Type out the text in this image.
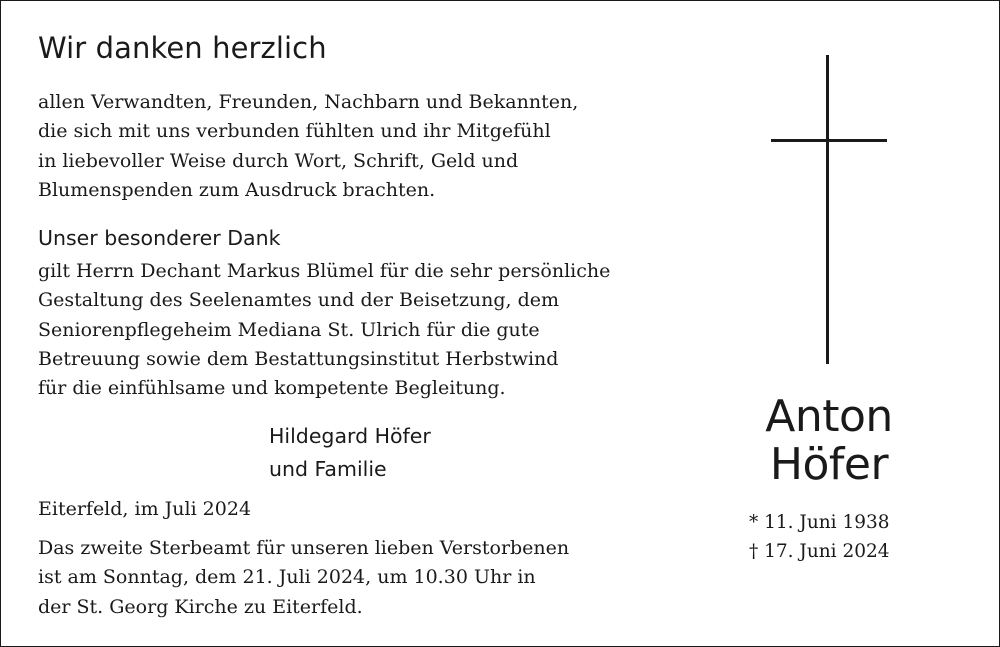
Wir danken herzlich

allen Verwandten, Freunden, Nachbarn und Bekannten,
die sich mit uns verbunden fühlten und ihr Mitgefühl
in liebevoller Weise durch Wort, Schrift, Geld und
Blumenspenden zum Ausdruck brachten.

Unser besonderer Dank

gilt Herrn Dechant Markus Blümel für die sehr persönliche
Gestaltung des Seelenamtes und der Beisetzung, dem
Seniorenpflegeheim Mediana St. Ulrich für die gute
Betreuung sowie dem Bestattungsinstitut Herbstwind
für die einfühlsame und kompetente Begleitung.

Hildegard Höfer
und Familie

Eiterfeld, im Juli 2024

Das zweite Sterbeamt für unseren lieben Verstorbenen
ist am Sonntag, dem 21. Juli 2024, um 10.30 Uhr in
der St. Georg Kirche zu Eiterfeld.

Anton
Höfer

* 11. Juni 1938
† 17. Juni 2024
